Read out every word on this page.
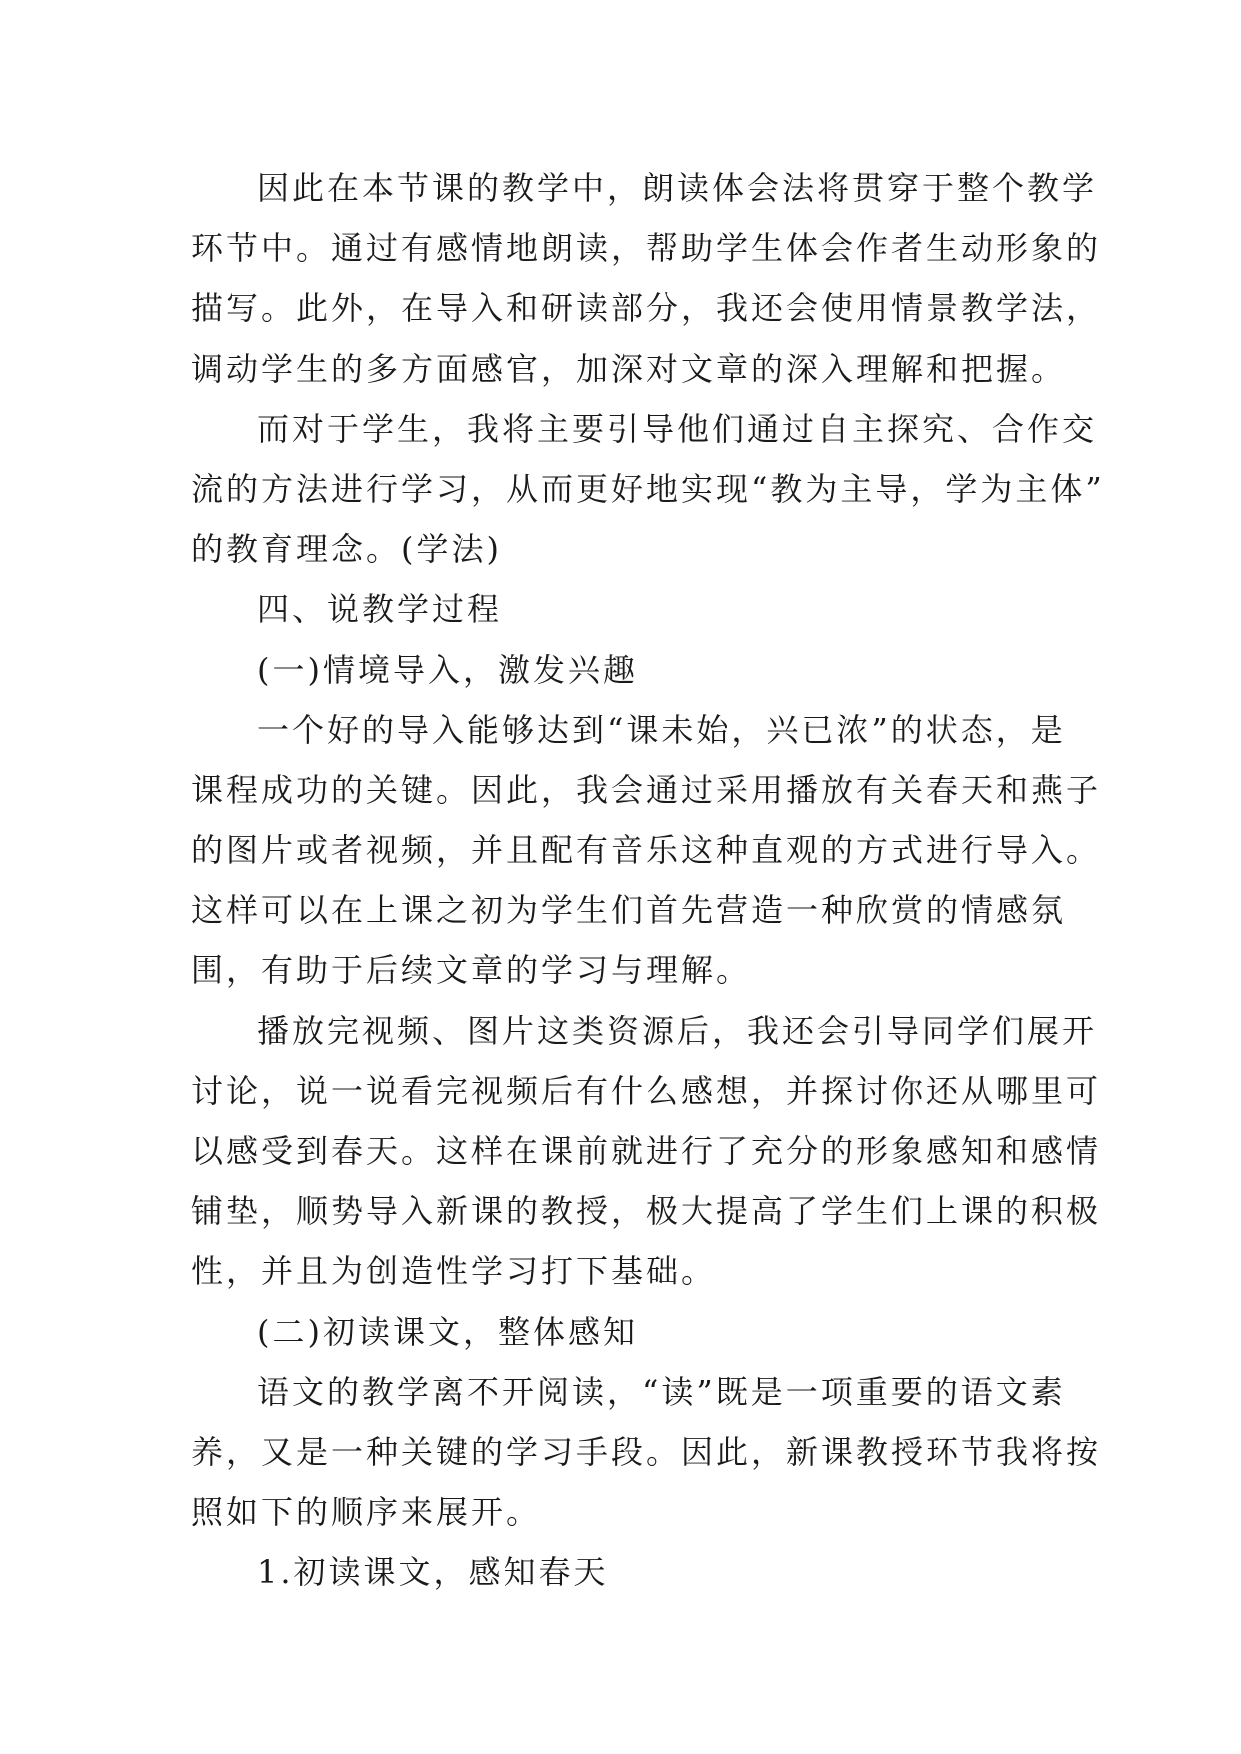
因此在本节课的教学中，朗读体会法将贯穿于整个教学
环节中。通过有感情地朗读，帮助学生体会作者生动形象的
描写。此外，在导入和研读部分，我还会使用情景教学法，
调动学生的多方面感官，加深对文章的深入理解和把握。
而对于学生，我将主要引导他们通过自主探究、合作交
流的方法进行学习，从而更好地实现“教为主导，学为主体”
的教育理念。(学法)
四、说教学过程
(一)情境导入，激发兴趣
一个好的导入能够达到“课未始，兴已浓”的状态，是
课程成功的关键。因此，我会通过采用播放有关春天和燕子
的图片或者视频，并且配有音乐这种直观的方式进行导入。
这样可以在上课之初为学生们首先营造一种欣赏的情感氛
围，有助于后续文章的学习与理解。
播放完视频、图片这类资源后，我还会引导同学们展开
讨论，说一说看完视频后有什么感想，并探讨你还从哪里可
以感受到春天。这样在课前就进行了充分的形象感知和感情
铺垫，顺势导入新课的教授，极大提高了学生们上课的积极
性，并且为创造性学习打下基础。
(二)初读课文，整体感知
语文的教学离不开阅读，“读”既是一项重要的语文素
养，又是一种关键的学习手段。因此，新课教授环节我将按
照如下的顺序来展开。
1.初读课文，感知春天
